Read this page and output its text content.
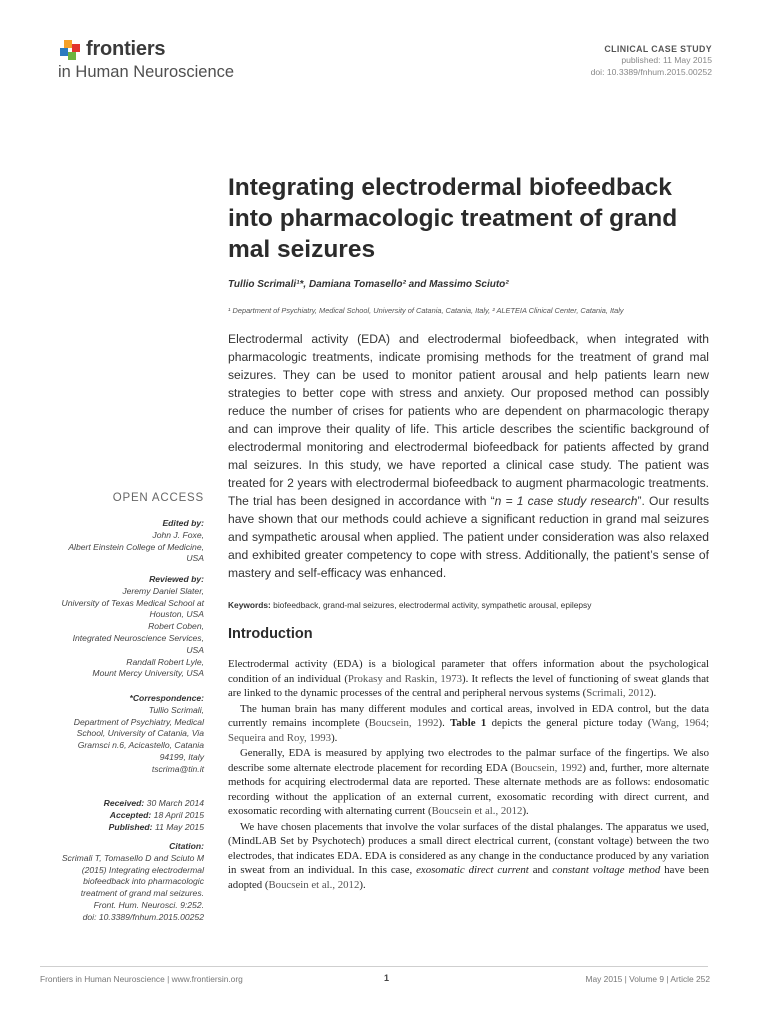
frontiers
in Human Neuroscience
CLINICAL CASE STUDY
published: 11 May 2015
doi: 10.3389/fnhum.2015.00252
Integrating electrodermal biofeedback into pharmacologic treatment of grand mal seizures
Tullio Scrimali¹*, Damiana Tomasello² and Massimo Sciuto²
¹ Department of Psychiatry, Medical School, University of Catania, Catania, Italy, ² ALETEIA Clinical Center, Catania, Italy
Electrodermal activity (EDA) and electrodermal biofeedback, when integrated with pharmacologic treatments, indicate promising methods for the treatment of grand mal seizures. They can be used to monitor patient arousal and help patients learn new strategies to better cope with stress and anxiety. Our proposed method can possibly reduce the number of crises for patients who are dependent on pharmacologic therapy and can improve their quality of life. This article describes the scientific background of electrodermal monitoring and electrodermal biofeedback for patients affected by grand mal seizures. In this study, we have reported a clinical case study. The patient was treated for 2 years with electrodermal biofeedback to augment pharmacologic treatments. The trial has been designed in accordance with “n = 1 case study research”. Our results have shown that our methods could achieve a significant reduction in grand mal seizures and sympathetic arousal when applied. The patient under consideration was also relaxed and exhibited greater competency to cope with stress. Additionally, the patient’s sense of mastery and self-efficacy was enhanced.
Keywords: biofeedback, grand-mal seizures, electrodermal activity, sympathetic arousal, epilepsy
Introduction

Electrodermal activity (EDA) is a biological parameter that offers information about the psychological condition of an individual (Prokasy and Raskin, 1973). It reflects the level of functioning of sweat glands that are linked to the dynamic processes of the central and peripheral nervous systems (Scrimali, 2012).

The human brain has many different modules and cortical areas, involved in EDA control, but the data currently remains incomplete (Boucsein, 1992). Table 1 depicts the general picture today (Wang, 1964; Sequeira and Roy, 1993).

Generally, EDA is measured by applying two electrodes to the palmar surface of the fingertips. We also describe some alternate electrode placement for recording EDA (Boucsein, 1992) and, further, more alternate methods for acquiring electrodermal data are reported. These alternate methods are as follows: endosomatic recording without the application of an external current, exosomatic recording with direct current, and exosomatic recording with alternating current (Boucsein et al., 2012).

We have chosen placements that involve the volar surfaces of the distal phalanges. The apparatus we used, (MindLAB Set by Psychotech) produces a small direct electrical current, (constant voltage) between the two electrodes, that indicates EDA. EDA is considered as any change in the conductance produced by any variation in sweat from an individual. In this case, exosomatic direct current and constant voltage method have been adopted (Boucsein et al., 2012).

OPEN ACCESS
Edited by:
John J. Foxe,
Albert Einstein College of Medicine,
USA
Reviewed by:
Jeremy Daniel Slater,
University of Texas Medical School at
Houston, USA
Robert Coben,
Integrated Neuroscience Services,
USA
Randall Robert Lyle,
Mount Mercy University, USA
*Correspondence:
Tullio Scrimali,
Department of Psychiatry, Medical
School, University of Catania, Via
Gramsci n.6, Acicastello, Catania
94199, Italy
tscrima@tin.it
Received: 30 March 2014
Accepted: 18 April 2015
Published: 11 May 2015
Citation:
Scrimali T, Tomasello D and Sciuto M
(2015) Integrating electrodermal
biofeedback into pharmacologic
treatment of grand mal seizures.
Front. Hum. Neurosci. 9:252.
doi: 10.3389/fnhum.2015.00252
Frontiers in Human Neuroscience | www.frontiersin.org	1	May 2015 | Volume 9 | Article 252
